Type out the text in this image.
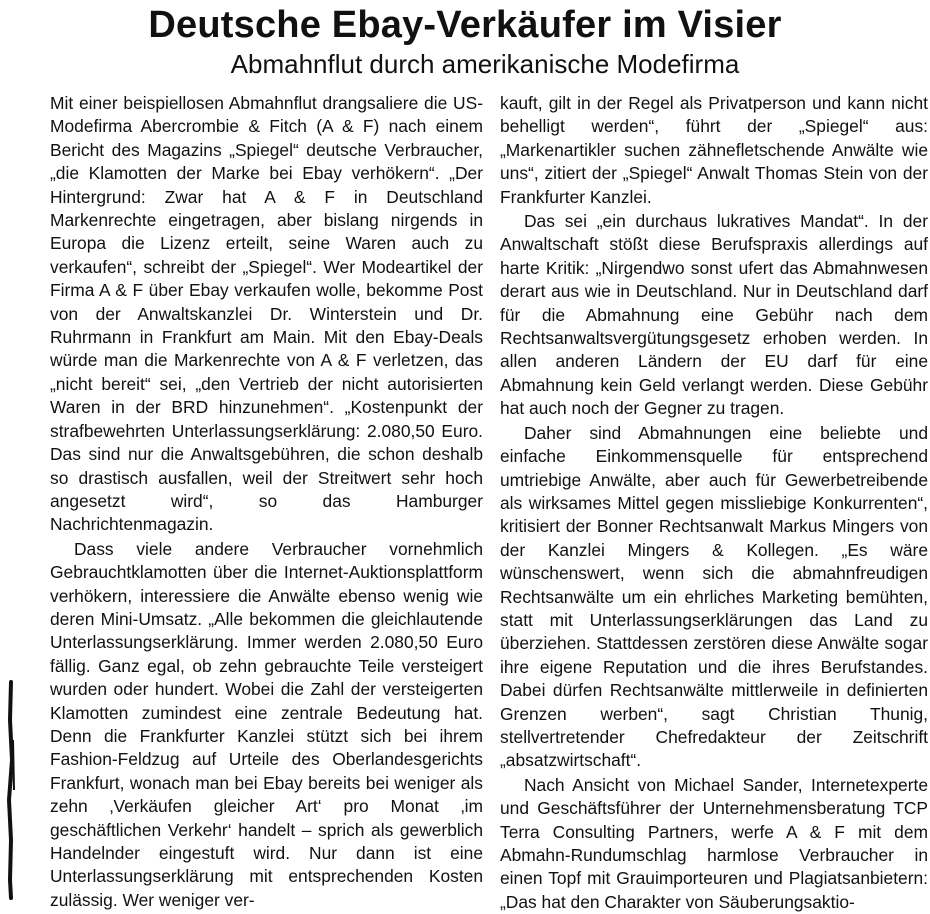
Deutsche Ebay-Verkäufer im Visier
Abmahnflut durch amerikanische Modefirma

Mit einer beispiellosen Abmahnflut drangsaliere die US-Modefirma Abercrombie & Fitch (A & F) nach einem Bericht des Magazins „Spiegel“ deutsche Verbraucher, „die Klamotten der Marke bei Ebay verhökern“. „Der Hintergrund: Zwar hat A & F in Deutschland Markenrechte eingetragen, aber bislang nirgends in Europa die Lizenz erteilt, seine Waren auch zu verkaufen“, schreibt der „Spiegel“. Wer Modeartikel der Firma A & F über Ebay verkaufen wolle, bekomme Post von der Anwaltskanzlei Dr. Winterstein und Dr. Ruhrmann in Frankfurt am Main. Mit den Ebay-Deals würde man die Markenrechte von A & F verletzen, das „nicht bereit“ sei, „den Vertrieb der nicht autorisierten Waren in der BRD hinzunehmen“. „Kostenpunkt der strafbewehrten Unterlassungserklärung: 2.080,50 Euro. Das sind nur die Anwaltsgebühren, die schon deshalb so drastisch ausfallen, weil der Streitwert sehr hoch angesetzt wird“, so das Hamburger Nachrichtenmagazin.

Dass viele andere Verbraucher vornehmlich Gebrauchtklamotten über die Internet-Auktionsplattform verhökern, interessiere die Anwälte ebenso wenig wie deren Mini-Umsatz. „Alle bekommen die gleichlautende Unterlassungserklärung. Immer werden 2.080,50 Euro fällig. Ganz egal, ob zehn gebrauchte Teile versteigert wurden oder hundert. Wobei die Zahl der versteigerten Klamotten zumindest eine zentrale Bedeutung hat. Denn die Frankfurter Kanzlei stützt sich bei ihrem Fashion-Feldzug auf Urteile des Oberlandesgerichts Frankfurt, wonach man bei Ebay bereits bei weniger als zehn ‚Verkäufen gleicher Art‘ pro Monat ‚im geschäftlichen Verkehr‘ handelt – sprich als gewerblich Handelnder eingestuft wird. Nur dann ist eine Unterlassungserklärung mit entsprechenden Kosten zulässig. Wer weniger ver-

kauft, gilt in der Regel als Privatperson und kann nicht behelligt werden“, führt der „Spiegel“ aus: „Markenartikler suchen zähnefletschende Anwälte wie uns“, zitiert der „Spiegel“ Anwalt Thomas Stein von der Frankfurter Kanzlei.

Das sei „ein durchaus lukratives Mandat“. In der Anwaltschaft stößt diese Berufspraxis allerdings auf harte Kritik: „Nirgendwo sonst ufert das Abmahnwesen derart aus wie in Deutschland. Nur in Deutschland darf für die Abmahnung eine Gebühr nach dem Rechtsanwaltsvergütungsgesetz erhoben werden. In allen anderen Ländern der EU darf für eine Abmahnung kein Geld verlangt werden. Diese Gebühr hat auch noch der Gegner zu tragen.

Daher sind Abmahnungen eine beliebte und einfache Einkommensquelle für entsprechend umtriebige Anwälte, aber auch für Gewerbetreibende als wirksames Mittel gegen missliebige Konkurrenten“, kritisiert der Bonner Rechtsanwalt Markus Mingers von der Kanzlei Mingers & Kollegen. „Es wäre wünschenswert, wenn sich die abmahnfreudigen Rechtsanwälte um ein ehrliches Marketing bemühten, statt mit Unterlassungserklärungen das Land zu überziehen. Stattdessen zerstören diese Anwälte sogar ihre eigene Reputation und die ihres Berufstandes. Dabei dürfen Rechtsanwälte mittlerweile in definierten Grenzen werben“, sagt Christian Thunig, stellvertretender Chefredakteur der Zeitschrift „absatzwirtschaft“.

Nach Ansicht von Michael Sander, Internetexperte und Geschäftsführer der Unternehmensberatung TCP Terra Consulting Partners, werfe A & F mit dem Abmahn-Rundumschlag harmlose Verbraucher in einen Topf mit Grauimporteuren und Plagiatsanbietern: „Das hat den Charakter von Säuberungsaktio-
